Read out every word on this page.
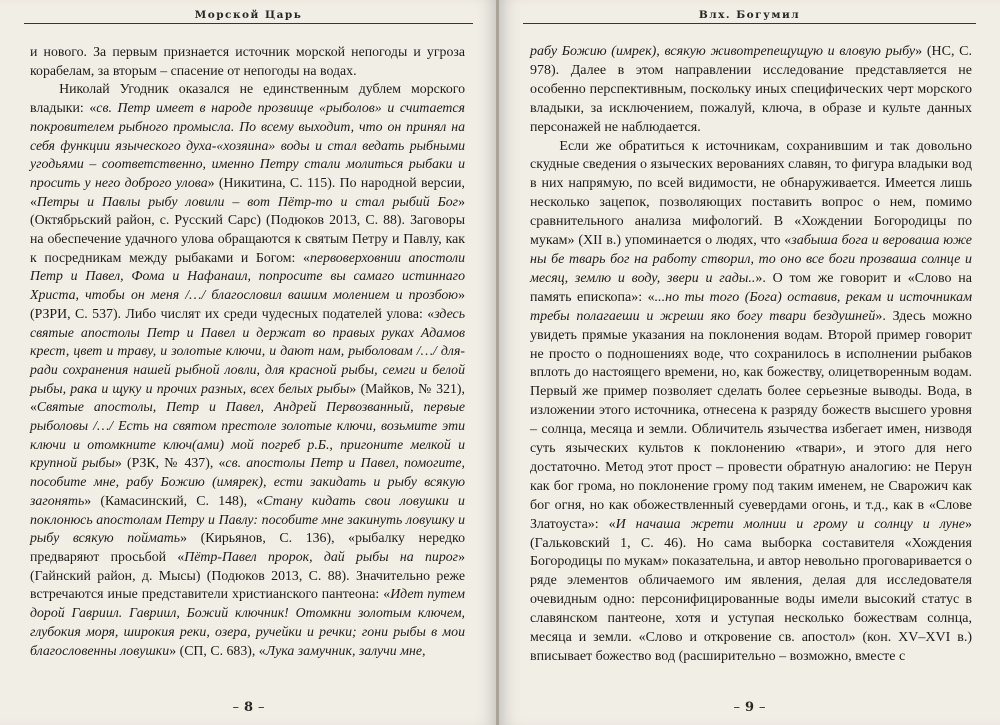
Морской Царь

и нового. За первым признается источник морской непогоды и угроза корабелам, за вторым – спасение от непогоды на водах.

Николай Угодник оказался не единственным дублем морского владыки: «св. Петр имеет в народе прозвище «рыболов» и считается покровителем рыбного промысла. По всему выходит, что он принял на себя функции языческого духа-«хозяина» воды и стал ведать рыбными угодьями – соответственно, именно Петру стали молиться рыбаки и просить у него доброго улова» (Никитина, С. 115). По народной версии, «Петры и Павлы рыбу ловили – вот Пётр-то и стал рыбий Бог» (Октябрьский район, с. Русский Сарс) (Подюков 2013, С. 88). Заговоры на обеспечение удачного улова обращаются к святым Петру и Павлу, как к посредникам между рыбаками и Богом: «первоверховнии апостоли Петр и Павел, Фома и Нафанаил, попросите вы самаго истиннаго Христа, чтобы он меня /…/ благословил вашим молением и прозбою» (РЗРИ, С. 537). Либо числят их среди чудесных подателей улова: «здесь святые апостолы Петр и Павел и держат во правых руках Адамов крест, цвет и траву, и золотые ключи, и дают нам, рыболовам /…/ для-ради сохранения нашей рыбной ловли, для красной рыбы, семги и белой рыбы, рака и щуку и прочих разных, всех белых рыбы» (Майков, № 321), «Святые апостолы, Петр и Павел, Андрей Первозванный, первые рыболовы /…/ Есть на святом престоле золотые ключи, возьмите эти ключи и отомкните ключ(ами) мой погреб р.Б., пригоните мелкой и крупной рыбы» (РЗК, № 437), «св. апостолы Петр и Павел, помогите, пособите мне, рабу Божию (имярек), ести закидать и рыбу всякую загонять» (Камасинский, С. 148), «Стану кидать свои ловушки и поклонюсь апостолам Петру и Павлу: пособите мне закинуть ловушку и рыбу всякую поймать» (Кирьянов, С. 136), «рыбалку нередко предваряют просьбой «Пётр-Павел пророк, дай рыбы на пирог» (Гайнский район, д. Мысы) (Подюков 2013, С. 88). Значительно реже встречаются иные представители христианского пантеона: «Идет путем дорой Гавриил. Гавриил, Божий ключник! Отомкни золотым ключем, глубокия моря, широкия реки, озера, ручейки и речки; гони рыбы в мои благословенны ловушки» (СП, С. 683), «Лука замучник, залучи мне,

– 8 –
Влх. Богумил

рабу Божию (имрек), всякую животрепещущую и вловую рыбу» (НС, С. 978). Далее в этом направлении исследование представляется не особенно перспективным, поскольку иных специфических черт морского владыки, за исключением, пожалуй, ключа, в образе и культе данных персонажей не наблюдается.

Если же обратиться к источникам, сохранившим и так довольно скудные сведения о языческих верованиях славян, то фигура владыки вод в них напрямую, по всей видимости, не обнаруживается. Имеется лишь несколько зацепок, позволяющих поставить вопрос о нем, помимо сравнительного анализа мифологий. В «Хождении Богородицы по мукам» (XII в.) упоминается о людях, что «забыша бога и вероваша юже ны бе тварь бог на работу створил, то оно все боги прозваша солнце и месяц, землю и воду, звери и гады..». О том же говорит и «Слово на память епископа»: «...но ты того (Бога) оставив, рекам и источникам требы полагаеши и жреши яко богу твари бездушней». Здесь можно увидеть прямые указания на поклонения водам. Второй пример говорит не просто о подношениях воде, что сохранилось в исполнении рыбаков вплоть до настоящего времени, но, как божеству, олицетворенным водам. Первый же пример позволяет сделать более серьезные выводы. Вода, в изложении этого источника, отнесена к разряду божеств высшего уровня – солнца, месяца и земли. Обличитель язычества избегает имен, низводя суть языческих культов к поклонению «твари», и этого для него достаточно. Метод этот прост – провести обратную аналогию: не Перун как бог грома, но поклонение грому под таким именем, не Сварожич как бог огня, но как обожествленный суевердами огонь, и т.д., как в «Слове Златоуста»: «И начаша жрети молнии и грому и солнцу и луне» (Гальковский 1, С. 46). Но сама выборка составителя «Хождения Богородицы по мукам» показательна, и автор невольно проговаривается о ряде элементов обличаемого им явления, делая для исследователя очевидным одно: персонифицированные воды имели высокий статус в славянском пантеоне, хотя и уступая несколько божествам солнца, месяца и земли. «Слово и откровение св. апостол» (кон. XV–XVI в.) вписывает божество вод (расширительно – возможно, вместе с

– 9 –
